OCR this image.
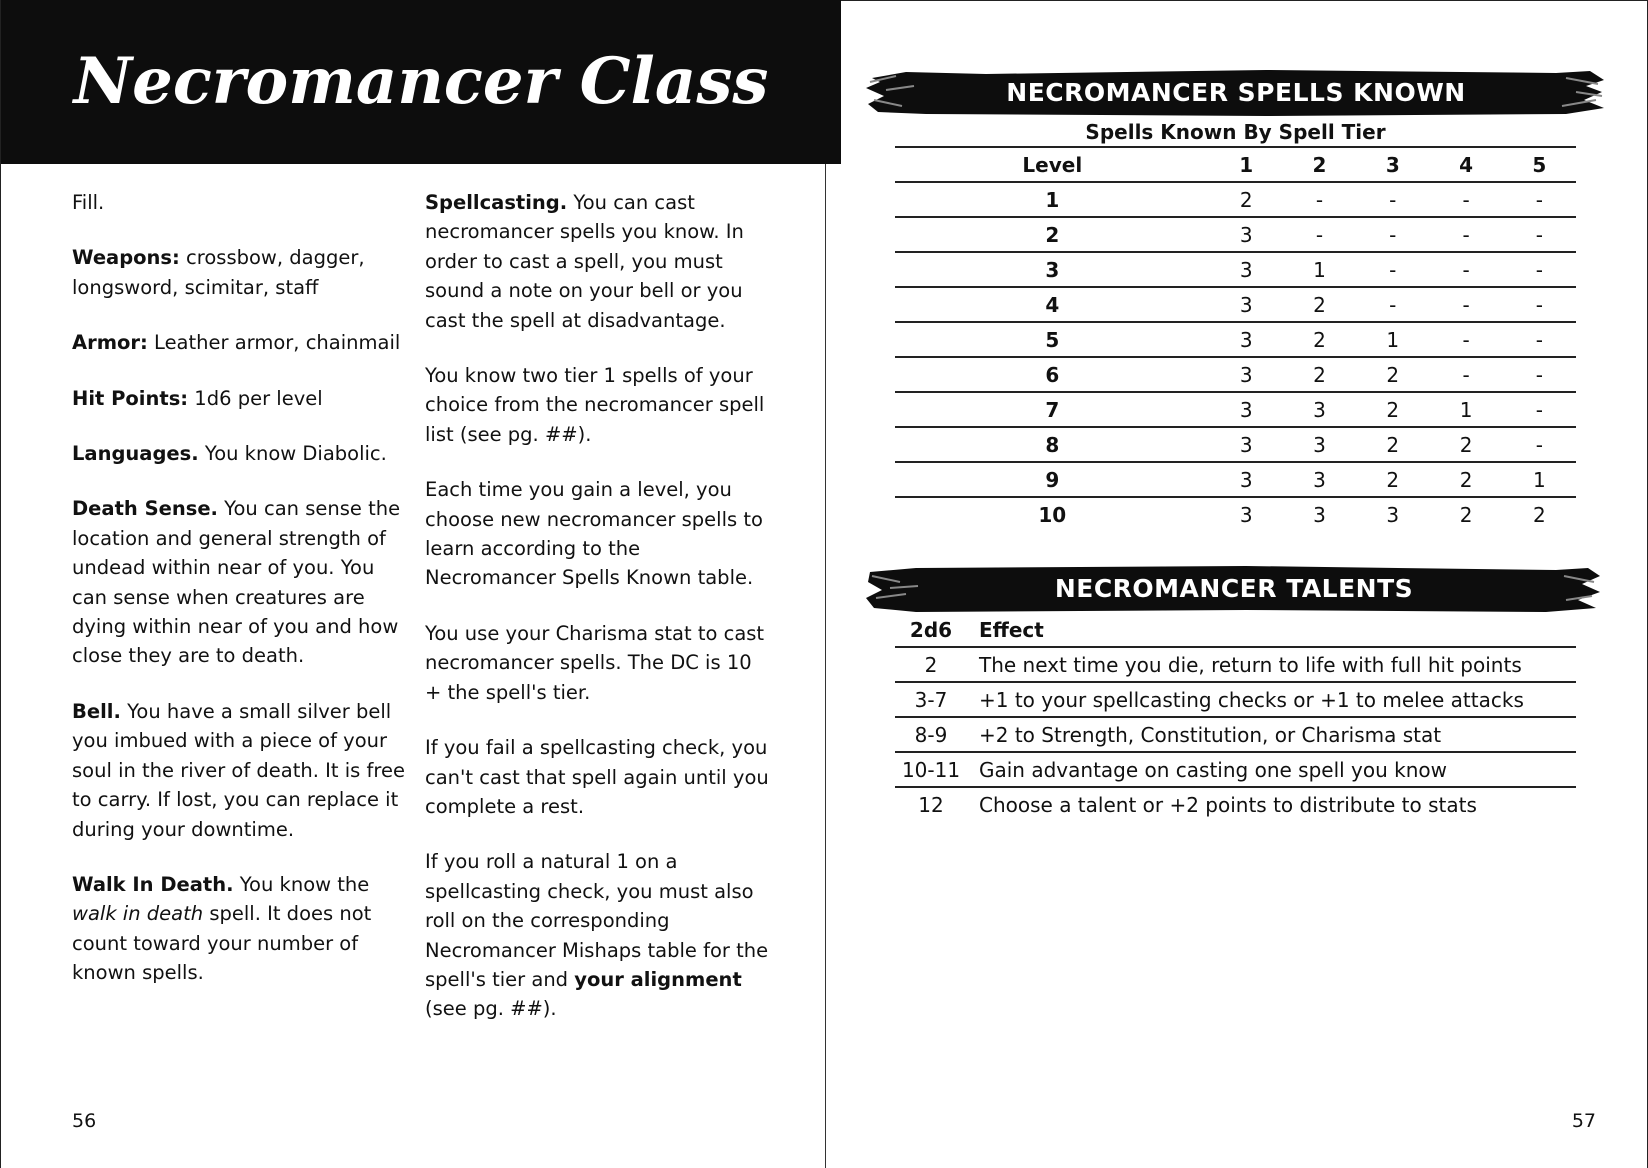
Necromancer Class

Fill.

Weapons: crossbow, dagger, longsword, scimitar, staff

Armor: Leather armor, chainmail

Hit Points: 1d6 per level

Languages. You know Diabolic.

Death Sense. You can sense the location and general strength of undead within near of you. You can sense when creatures are dying within near of you and how close they are to death.

Bell. You have a small silver bell you imbued with a piece of your soul in the river of death. It is free to carry. If lost, you can replace it during your downtime.

Walk In Death. You know the walk in death spell. It does not count toward your number of known spells.

Spellcasting. You can cast necromancer spells you know. In order to cast a spell, you must sound a note on your bell or you cast the spell at disadvantage.

You know two tier 1 spells of your choice from the necromancer spell list (see pg. ##).

Each time you gain a level, you choose new necromancer spells to learn according to the Necromancer Spells Known table.

You use your Charisma stat to cast necromancer spells. The DC is 10 + the spell's tier.

If you fail a spellcasting check, you can't cast that spell again until you complete a rest.

If you roll a natural 1 on a spellcasting check, you must also roll on the corresponding Necromancer Mishaps table for the spell's tier and your alignment (see pg. ##).

56
NECROMANCER SPELLS KNOWN
Spells Known By Spell Tier
Level	1	2	3	4	5
1	2	-	-	-	-
2	3	-	-	-	-
3	3	1	-	-	-
4	3	2	-	-	-
5	3	2	1	-	-
6	3	2	2	-	-
7	3	3	2	1	-
8	3	3	2	2	-
9	3	3	2	2	1
10	3	3	3	2	2
NECROMANCER TALENTS
2d6	Effect
2	The next time you die, return to life with full hit points
3-7	+1 to your spellcasting checks or +1 to melee attacks
8-9	+2 to Strength, Constitution, or Charisma stat
10-11	Gain advantage on casting one spell you know
12	Choose a talent or +2 points to distribute to stats
57
